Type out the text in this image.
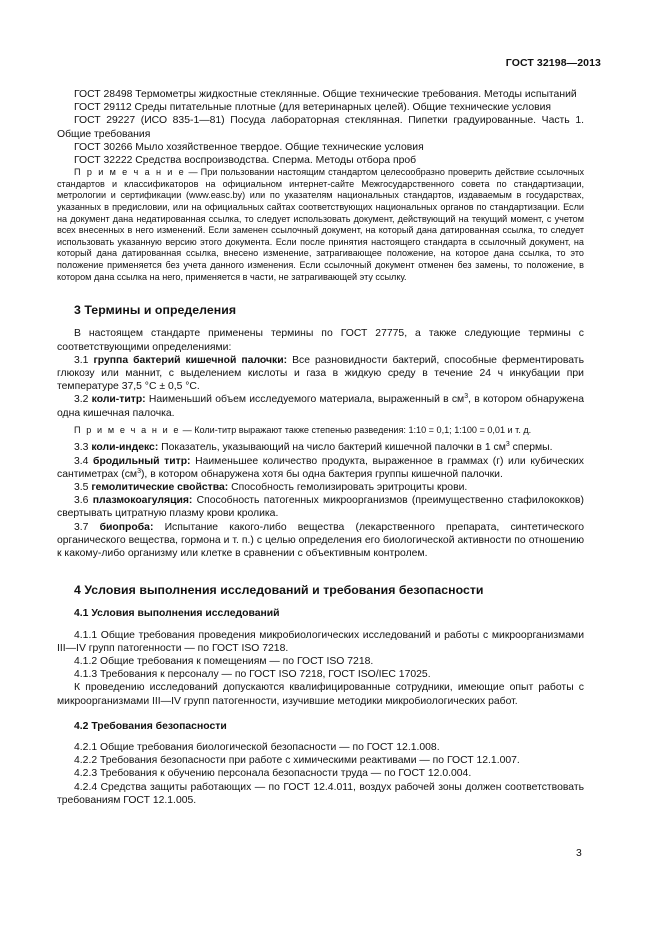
ГОСТ 32198—2013

ГОСТ 28498 Термометры жидкостные стеклянные. Общие технические требования. Методы испытаний

ГОСТ 29112 Среды питательные плотные (для ветеринарных целей). Общие технические условия

ГОСТ 29227 (ИСО 835-1—81) Посуда лабораторная стеклянная. Пипетки градуированные. Часть 1. Общие требования

ГОСТ 30266 Мыло хозяйственное твердое. Общие технические условия

ГОСТ 32222 Средства воспроизводства. Сперма. Методы отбора проб

П р и м е ч а н и е — При пользовании настоящим стандартом целесообразно проверить действие ссылочных стандартов и классификаторов на официальном интернет-сайте Межгосударственного совета по стандартизации, метрологии и сертификации (www.easc.by) или по указателям национальных стандартов, издаваемым в государствах, указанных в предисловии, или на официальных сайтах соответствующих национальных органов по стандартизации. Если на документ дана недатированная ссылка, то следует использовать документ, действующий на текущий момент, с учетом всех внесенных в него изменений. Если заменен ссылочный документ, на который дана датированная ссылка, то следует использовать указанную версию этого документа. Если после принятия настоящего стандарта в ссылочный документ, на который дана датированная ссылка, внесено изменение, затрагивающее положение, на которое дана ссылка, то это положение применяется без учета данного изменения. Если ссылочный документ отменен без замены, то положение, в котором дана ссылка на него, применяется в части, не затрагивающей эту ссылку.

3 Термины и определения

В настоящем стандарте применены термины по ГОСТ 27775, а также следующие термины с соответствующими определениями:

3.1 группа бактерий кишечной палочки: Все разновидности бактерий, способные ферментировать глюкозу или маннит, с выделением кислоты и газа в жидкую среду в течение 24 ч инкубации при температуре 37,5 °С ± 0,5 °С.

3.2 коли-титр: Наименьший объем исследуемого материала, выраженный в $см^3$, в котором обнаружена одна кишечная палочка.

П р и м е ч а н и е — Коли-титр выражают также степенью разведения: 1:10 = 0,1; 1:100 = 0,01 и т. д.

3.3 коли-индекс: Показатель, указывающий на число бактерий кишечной палочки в 1 $см^3$ спермы.

3.4 бродильный титр: Наименьшее количество продукта, выраженное в граммах (г) или кубических сантиметрах $(см^3)$, в котором обнаружена хотя бы одна бактерия группы кишечной палочки.

3.5 гемолитические свойства: Способность гемолизировать эритроциты крови.

3.6 плазмокоагуляция: Способность патогенных микроорганизмов (преимущественно стафилококков) свертывать цитратную плазму крови кролика.

3.7 биопроба: Испытание какого-либо вещества (лекарственного препарата, синтетического органического вещества, гормона и т. п.) с целью определения его биологической активности по отношению к какому-либо организму или клетке в сравнении с объективным контролем.

4 Условия выполнения исследований и требования безопасности
4.1 Условия выполнения исследований

4.1.1 Общие требования проведения микробиологических исследований и работы с микроорганизмами III—IV групп патогенности — по ГОСТ ISO 7218.

4.1.2 Общие требования к помещениям — по ГОСТ ISO 7218.

4.1.3 Требования к персоналу — по ГОСТ ISO 7218, ГОСТ ISO/IEC 17025.

К проведению исследований допускаются квалифицированные сотрудники, имеющие опыт работы с микроорганизмами III—IV групп патогенности, изучившие методики микробиологических работ.

4.2 Требования безопасности

4.2.1 Общие требования биологической безопасности — по ГОСТ 12.1.008.

4.2.2 Требования безопасности при работе с химическими реактивами — по ГОСТ 12.1.007.

4.2.3 Требования к обучению персонала безопасности труда — по ГОСТ 12.0.004.

4.2.4 Средства защиты работающих — по ГОСТ 12.4.011, воздух рабочей зоны должен соответствовать требованиям ГОСТ 12.1.005.

3
